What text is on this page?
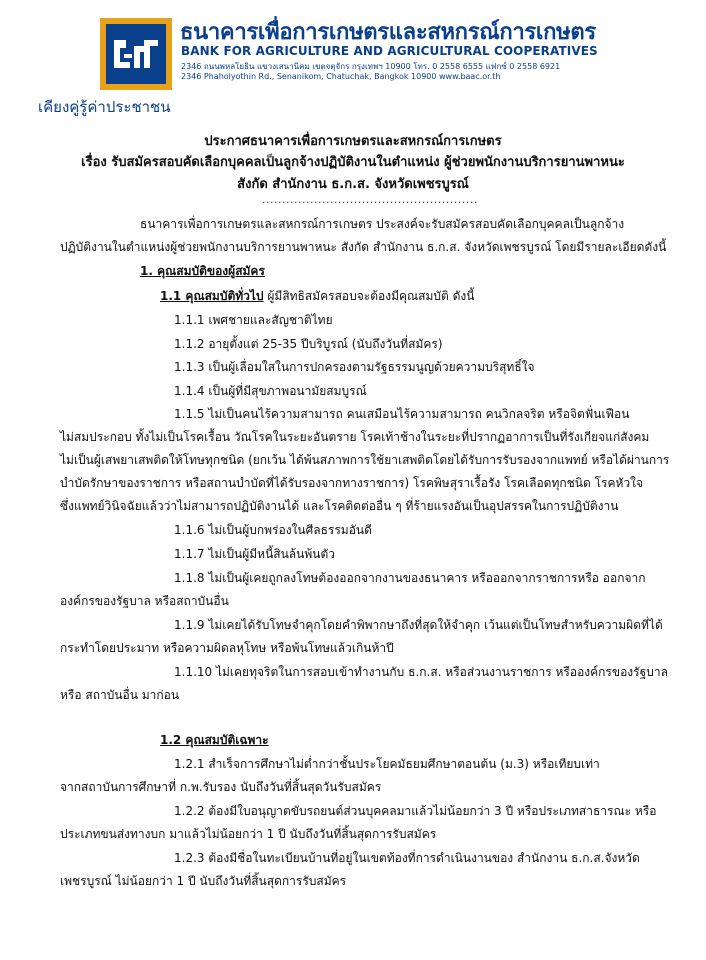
ธนาคารเพื่อการเกษตรและสหกรณ์การเกษตร
BANK FOR AGRICULTURE AND AGRICULTURAL COOPERATIVES
2346 ถนนพหลโยธิน แขวงเสนานิคม เขตจตุจักร กรุงเทพฯ 10900 โทร. 0 2558 6555 แฟกซ์ 0 2558 6921
2346 Phaholyothin Rd., Senanikom, Chatuchak, Bangkok 10900 www.baac.or.th
เคียงคู่รู้ค่าประชาชน
ประกาศธนาคารเพื่อการเกษตรและสหกรณ์การเกษตร
เรื่อง รับสมัครสอบคัดเลือกบุคคลเป็นลูกจ้างปฏิบัติงานในตำแหน่ง ผู้ช่วยพนักงานบริการยานพาหนะ
สังกัด สำนักงาน ธ.ก.ส. จังหวัดเพชรบูรณ์
......................................................
ธนาคารเพื่อการเกษตรและสหกรณ์การเกษตร ประสงค์จะรับสมัครสอบคัดเลือกบุคคลเป็นลูกจ้าง
ปฏิบัติงานในตำแหน่งผู้ช่วยพนักงานบริการยานพาหนะ สังกัด สำนักงาน ธ.ก.ส. จังหวัดเพชรบูรณ์ โดยมีรายละเอียดดังนี้
1. คุณสมบัติของผู้สมัคร
1.1 คุณสมบัติทั่วไป ผู้มีสิทธิสมัครสอบจะต้องมีคุณสมบัติ ดังนี้
1.1.1 เพศชายและสัญชาติไทย
1.1.2 อายุตั้งแต่ 25-35 ปีบริบูรณ์ (นับถึงวันที่สมัคร)
1.1.3 เป็นผู้เลื่อมใสในการปกครองตามรัฐธรรมนูญด้วยความบริสุทธิ์ใจ
1.1.4 เป็นผู้ที่มีสุขภาพอนามัยสมบูรณ์
1.1.5 ไม่เป็นคนไร้ความสามารถ คนเสมือนไร้ความสามารถ คนวิกลจริต หรือจิตฟั่นเฟือน
ไม่สมประกอบ ทั้งไม่เป็นโรคเรื้อน วัณโรคในระยะอันตราย โรคเท้าช้างในระยะที่ปรากฏอาการเป็นที่รังเกียจแก่สังคม
ไม่เป็นผู้เสพยาเสพติดให้โทษทุกชนิด (ยกเว้น ได้พ้นสภาพการใช้ยาเสพติดโดยได้รับการรับรองจากแพทย์ หรือได้ผ่านการ
บำบัดรักษาของราชการ หรือสถานบำบัดที่ได้รับรองจากทางราชการ) โรคพิษสุราเรื้อรัง โรคเลือดทุกชนิด โรคหัวใจ
ซึ่งแพทย์วินิจฉัยแล้วว่าไม่สามารถปฏิบัติงานได้ และโรคติดต่ออื่น ๆ ที่ร้ายแรงอันเป็นอุปสรรคในการปฏิบัติงาน
1.1.6 ไม่เป็นผู้บกพร่องในศีลธรรมอันดี
1.1.7 ไม่เป็นผู้มีหนี้สินล้นพ้นตัว
1.1.8 ไม่เป็นผู้เคยถูกลงโทษต้องออกจากงานของธนาคาร หรือออกจากราชการหรือ ออกจาก
องค์กรของรัฐบาล หรือสถาบันอื่น
1.1.9 ไม่เคยได้รับโทษจำคุกโดยคำพิพากษาถึงที่สุดให้จำคุก เว้นแต่เป็นโทษสำหรับความผิดที่ได้
กระทำโดยประมาท หรือความผิดลหุโทษ หรือพ้นโทษแล้วเกินห้าปี
1.1.10 ไม่เคยทุจริตในการสอบเข้าทำงานกับ ธ.ก.ส. หรือส่วนงานราชการ หรือองค์กรของรัฐบาล
หรือ สถาบันอื่น มาก่อน
1.2 คุณสมบัติเฉพาะ
1.2.1 สำเร็จการศึกษาไม่ต่ำกว่าชั้นประโยคมัธยมศึกษาตอนต้น (ม.3) หรือเทียบเท่า
จากสถาบันการศึกษาที่ ก.พ.รับรอง นับถึงวันที่สิ้นสุดวันรับสมัคร
1.2.2 ต้องมีใบอนุญาตขับรถยนต์ส่วนบุคคลมาแล้วไม่น้อยกว่า 3 ปี หรือประเภทสาธารณะ หรือ
ประเภทขนส่งทางบก มาแล้วไม่น้อยกว่า 1 ปี นับถึงวันที่สิ้นสุดการรับสมัคร
1.2.3 ต้องมีชื่อในทะเบียนบ้านที่อยู่ในเขตท้องที่การดำเนินงานของ สำนักงาน ธ.ก.ส.จังหวัด
เพชรบูรณ์ ไม่น้อยกว่า 1 ปี นับถึงวันที่สิ้นสุดการรับสมัคร
